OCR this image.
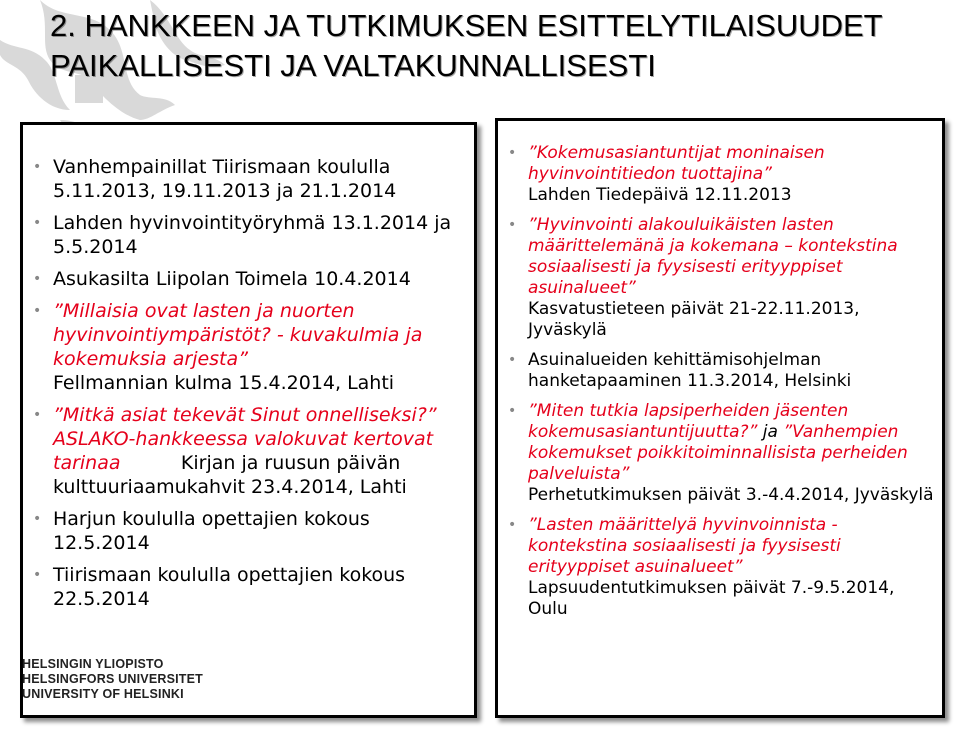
2. HANKKEEN JA TUTKIMUKSEN ESITTELYTILAISUUDET
PAIKALLISESTI JA VALTAKUNNALLISESTI
• Vanhempainillat Tiirismaan koululla 5.11.2013, 19.11.2013 ja 21.1.2014
• Lahden hyvinvointityöryhmä 13.1.2014 ja 5.5.2014
• Asukasilta Liipolan Toimela 10.4.2014
• ”Millaisia ovat lasten ja nuorten hyvinvointiympäristöt? - kuvakulmia ja kokemuksia arjesta”
Fellmannian kulma 15.4.2014, Lahti
• ”Mitkä asiat tekevät Sinut onnelliseksi?” ASLAKO-hankkeessa valokuvat kertovat tarinaa          Kirjan ja ruusun päivän kulttuuriaamukahvit 23.4.2014, Lahti
• Harjun koululla opettajien kokous 12.5.2014
• Tiirismaan koululla opettajien kokous 22.5.2014
• ”Kokemusasiantuntijat moninaisen hyvinvointitiedon tuottajina”
Lahden Tiedepäivä 12.11.2013
• ”Hyvinvointi alakouluikäisten lasten määrittelemänä ja kokemana – kontekstina sosiaalisesti ja fyysisesti erityyppiset asuinalueet”
Kasvatustieteen päivät 21-22.11.2013, Jyväskylä
• Asuinalueiden kehittämisohjelman hanketapaaminen 11.3.2014, Helsinki
• ”Miten tutkia lapsiperheiden jäsenten kokemusasiantuntijuutta?” ja ”Vanhempien kokemukset poikkitoiminnallisista perheiden palveluista”
Perhetutkimuksen päivät 3.-4.4.2014, Jyväskylä
• ”Lasten määrittelyä hyvinvoinnista - kontekstina sosiaalisesti ja fyysisesti erityyppiset asuinalueet”
Lapsuudentutkimuksen päivät 7.-9.5.2014, Oulu
HELSINGIN YLIOPISTO
HELSINGFORS UNIVERSITET
UNIVERSITY OF HELSINKI
